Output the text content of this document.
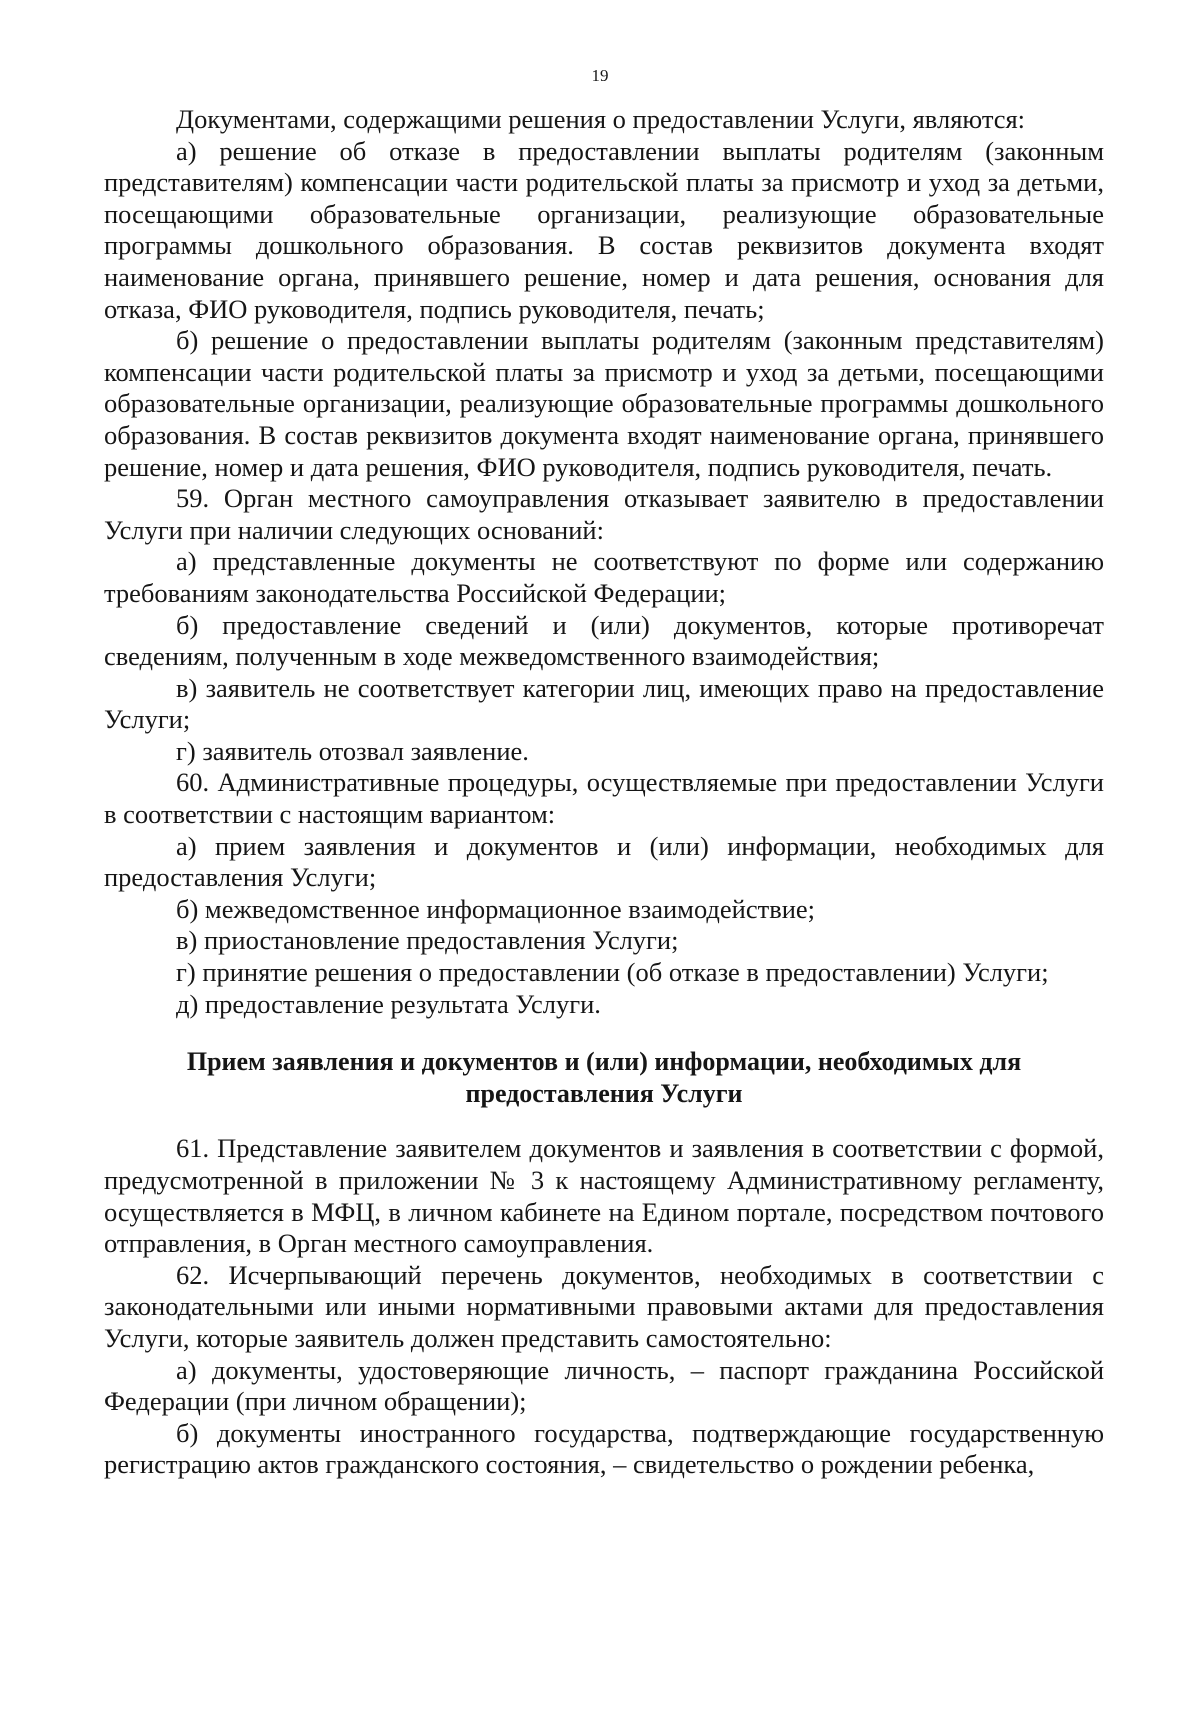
19

Документами, содержащими решения о предоставлении Услуги, являются:

а) решение об отказе в предоставлении выплаты родителям (законным представителям) компенсации части родительской платы за присмотр и уход за детьми, посещающими образовательные организации, реализующие образовательные программы дошкольного образования. В состав реквизитов документа входят наименование органа, принявшего решение, номер и дата решения, основания для отказа, ФИО руководителя, подпись руководителя, печать;

б) решение о предоставлении выплаты родителям (законным представителям) компенсации части родительской платы за присмотр и уход за детьми, посещающими образовательные организации, реализующие образовательные программы дошкольного образования. В состав реквизитов документа входят наименование органа, принявшего решение, номер и дата решения, ФИО руководителя, подпись руководителя, печать.

59. Орган местного самоуправления отказывает заявителю в предоставлении Услуги при наличии следующих оснований:

а) представленные документы не соответствуют по форме или содержанию требованиям законодательства Российской Федерации;

б) предоставление сведений и (или) документов, которые противоречат сведениям, полученным в ходе межведомственного взаимодействия;

в) заявитель не соответствует категории лиц, имеющих право на предоставление Услуги;

г) заявитель отозвал заявление.

60. Административные процедуры, осуществляемые при предоставлении Услуги в соответствии с настоящим вариантом:

а) прием заявления и документов и (или) информации, необходимых для предоставления Услуги;

б) межведомственное информационное взаимодействие;

в) приостановление предоставления Услуги;

г) принятие решения о предоставлении (об отказе в предоставлении) Услуги;

д) предоставление результата Услуги.

Прием заявления и документов и (или) информации, необходимых для предоставления Услуги

61. Представление заявителем документов и заявления в соответствии с формой, предусмотренной в приложении № 3 к настоящему Административному регламенту, осуществляется в МФЦ, в личном кабинете на Едином портале, посредством почтового отправления, в Орган местного самоуправления.

62. Исчерпывающий перечень документов, необходимых в соответствии с законодательными или иными нормативными правовыми актами для предоставления Услуги, которые заявитель должен представить самостоятельно:

а) документы, удостоверяющие личность, – паспорт гражданина Российской Федерации (при личном обращении);

б) документы иностранного государства, подтверждающие государственную регистрацию актов гражданского состояния, – свидетельство о рождении ребенка,
